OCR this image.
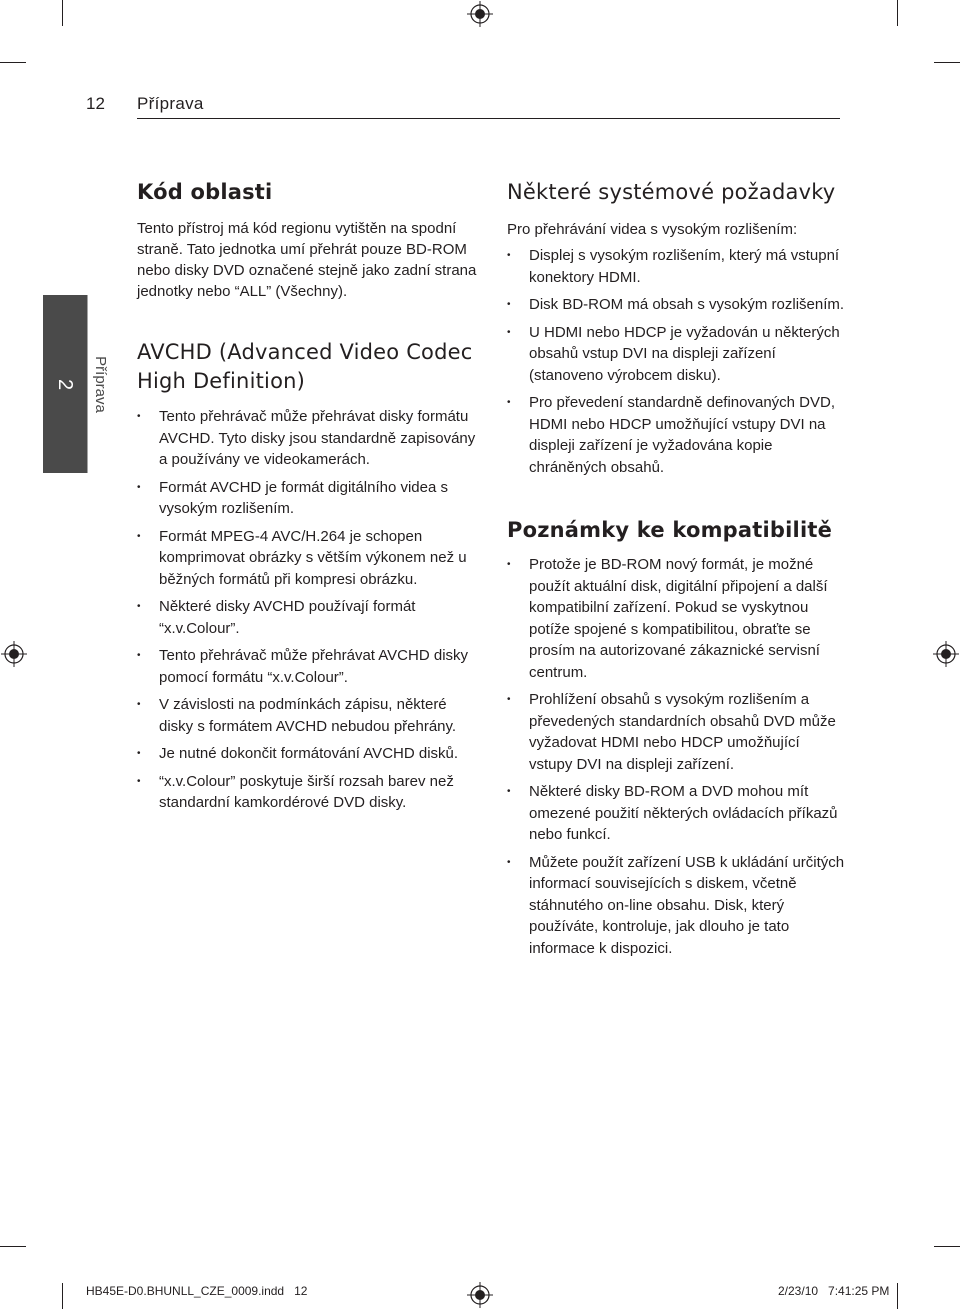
12 Příprava
2 Příprava
Kód oblasti

Tento přístroj má kód regionu vytištěn na spodní straně. Tato jednotka umí přehrát pouze BD-ROM nebo disky DVD označené stejně jako zadní strana jednotky nebo “ALL” (Všechny).

AVCHD (Advanced Video Codec High Definition)
• Tento přehrávač může přehrávat disky formátu AVCHD. Tyto disky jsou standardně zapisovány a používány ve videokamerách.
• Formát AVCHD je formát digitálního videa s vysokým rozlišením.
• Formát MPEG-4 AVC/H.264 je schopen komprimovat obrázky s větším výkonem než u běžných formátů při kompresi obrázku.
• Některé disky AVCHD používají formát “x.v.Colour”.
• Tento přehrávač může přehrávat AVCHD disky pomocí formátu “x.v.Colour”.
• V závislosti na podmínkách zápisu, některé disky s formátem AVCHD nebudou přehrány.
• Je nutné dokončit formátování AVCHD disků.
• “x.v.Colour” poskytuje širší rozsah barev než standardní kamkordérové DVD disky.
Některé systémové požadavky

Pro přehrávání videa s vysokým rozlišením:

• Displej s vysokým rozlišením, který má vstupní konektory HDMI.
• Disk BD-ROM má obsah s vysokým rozlišením.
• U HDMI nebo HDCP je vyžadován u některých obsahů vstup DVI na displeji zařízení (stanoveno výrobcem disku).
• Pro převedení standardně definovaných DVD, HDMI nebo HDCP umožňující vstupy DVI na displeji zařízení je vyžadována kopie chráněných obsahů.
Poznámky ke kompatibilitě
• Protože je BD-ROM nový formát, je možné použít aktuální disk, digitální připojení a další kompatibilní zařízení. Pokud se vyskytnou potíže spojené s kompatibilitou, obraťte se prosím na autorizované zákaznické servisní centrum.
• Prohlížení obsahů s vysokým rozlišením a převedených standardních obsahů DVD může vyžadovat HDMI nebo HDCP umožňující vstupy DVI na displeji zařízení.
• Některé disky BD-ROM a DVD mohou mít omezené použití některých ovládacích příkazů nebo funkcí.
• Můžete použít zařízení USB k ukládání určitých informací souvisejících s diskem, včetně stáhnutého on-line obsahu. Disk, který používáte, kontroluje, jak dlouho je tato informace k dispozici.
HB45E-D0.BHUNLL_CZE_0009.indd   12	2/23/10   7:41:25 PM
